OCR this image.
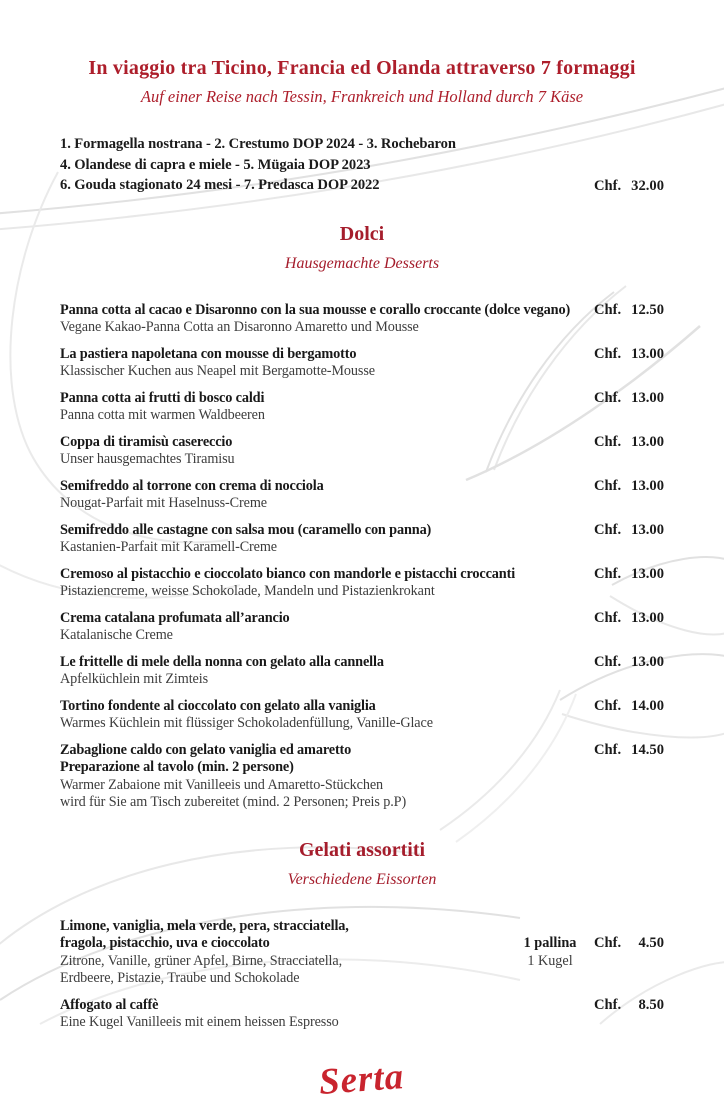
In viaggio tra Ticino, Francia ed Olanda attraverso 7 formaggi
Auf einer Reise nach Tessin, Frankreich und Holland durch 7 Käse
1. Formagella nostrana - 2. Crestumo DOP 2024 - 3. Rochebaron
4. Olandese di capra e miele - 5. Mügaia DOP 2023
6. Gouda stagionato 24 mesi - 7. Predasca DOP 2022	Chf. 32.00
Dolci
Hausgemachte Desserts
Panna cotta al cacao e Disaronno con la sua mousse e corallo croccante (dolce vegano)
Vegane Kakao-Panna Cotta an Disaronno Amaretto und Mousse
Chf. 12.50
La pastiera napoletana con mousse di bergamotto
Klassischer Kuchen aus Neapel mit Bergamotte-Mousse
Chf. 13.00
Panna cotta ai frutti di bosco caldi
Panna cotta mit warmen Waldbeeren
Chf. 13.00
Coppa di tiramisù casereccio
Unser hausgemachtes Tiramisu
Chf. 13.00
Semifreddo al torrone con crema di nocciola
Nougat-Parfait mit Haselnuss-Creme
Chf. 13.00
Semifreddo alle castagne con salsa mou (caramello con panna)
Kastanien-Parfait mit Karamell-Creme
Chf. 13.00
Cremoso al pistacchio e cioccolato bianco con mandorle e pistacchi croccanti
Pistaziencreme, weisse Schokolade, Mandeln und Pistazienkrokant
Chf. 13.00
Crema catalana profumata all’arancio
Katalanische Creme
Chf. 13.00
Le frittelle di mele della nonna con gelato alla cannella
Apfelküchlein mit Zimteis
Chf. 13.00
Tortino fondente al cioccolato con gelato alla vaniglia
Warmes Küchlein mit flüssiger Schokoladenfüllung, Vanille-Glace
Chf. 14.00
Zabaglione caldo con gelato vaniglia ed amaretto
Preparazione al tavolo (min. 2 persone)
Warmer Zabaione mit Vanilleeis und Amaretto-Stückchen
wird für Sie am Tisch zubereitet (mind. 2 Personen; Preis p.P)
Chf. 14.50
Gelati assortiti
Verschiedene Eissorten
Limone, vaniglia, mela verde, pera, stracciatella,
fragola, pistacchio, uva e cioccolato
Zitrone, Vanille, grüner Apfel, Birne, Stracciatella,
Erdbeere, Pistazie, Traube und Schokolade
1 pallina
1 Kugel
Chf. 4.50
Affogato al caffè
Eine Kugel Vanilleeis mit einem heissen Espresso
Chf. 8.50
Serta
